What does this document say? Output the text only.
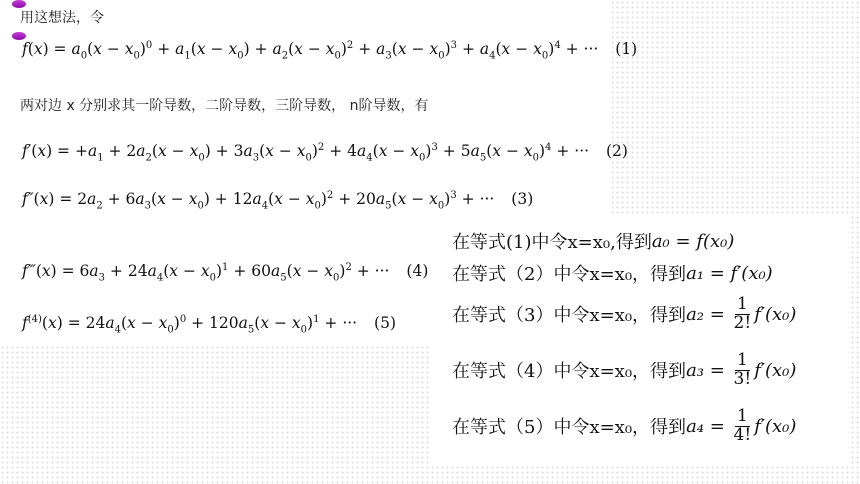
用这想法，令
$f(x) = a_0(x - x_0)^0 + a_1(x - x_0) + a_2(x - x_0)^2 + a_3(x - x_0)^3 + a_4(x - x_0)^4$ + ··· (1)
两对边 x 分别求其一阶导数，二阶导数，三阶导数， n阶导数，有
$f'(x) = +a_1 + 2a_2(x - x_0) + 3a_3(x - x_0)^2 + 4a_4(x - x_0)^3 + 5a_5(x - x_0)^4$ + ··· (2)
$f''(x) = 2a_2 + 6a_3(x - x_0) + 12a_4(x - x_0)^2 + 20a_5(x - x_0)^3$ + ··· (3)
f‴(x) = $6a_3 + 24a_4(x - x_0)^1 + 60a_5(x - x_0)^2$ + ··· (4)
$f^{(4)}(x) = 24a_4(x - x_0)^0 + 120a_5(x - x_0)^1$ + ··· (5)
在等式(1)中令x=x₀,得到 a₀ = f(x₀)
在等式（2）中令x=x₀，得到 a₁ = f′(x₀)
在等式（3）中令x=x₀，得到 $a_2 = \frac{1}{2!} f'(x_0)$
在等式（4）中令x=x₀，得到 $a_3 = \frac{1}{3!} f'(x_0)$
在等式（5）中令x=x₀，得到 $a_4 = \frac{1}{4!} f'(x_0)$
